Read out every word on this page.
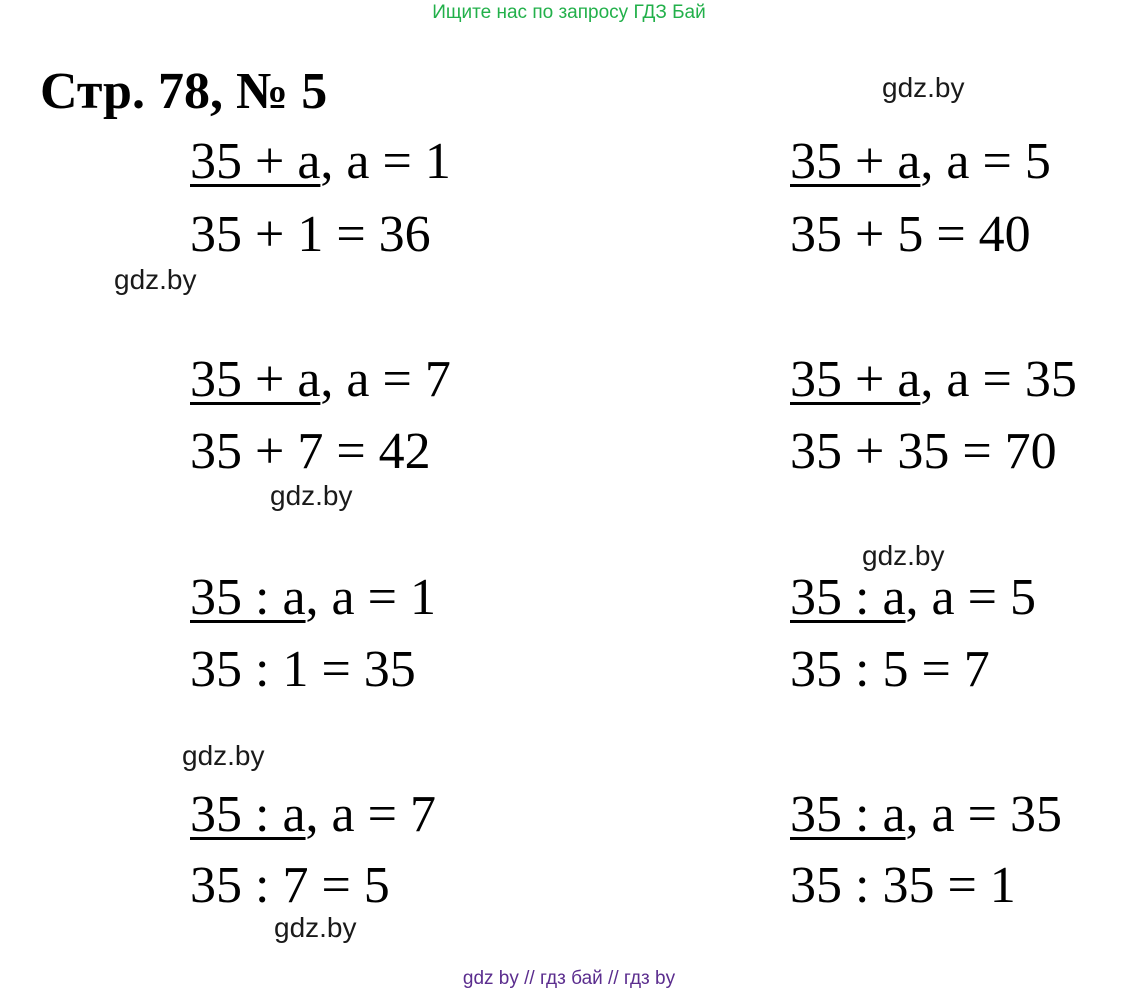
Ищите нас по запросу ГДЗ Бай
Стр. 78, № 5	gdz.by
gdz.by
gdz.by
gdz.by
gdz.by
gdz.by
35 + a, a = 1
35 + 1 = 36
35 + a, a = 5
35 + 5 = 40
35 + a, a = 7
35 + 7 = 42
35 + a, a = 35
35 + 35 = 70
35 : a, a = 1
35 : 1 = 35
35 : a, a = 5
35 : 5 = 7
35 : a, a = 7
35 : 7 = 5
35 : a, a = 35
35 : 35 = 1
gdz by // гдз бай // гдз by
